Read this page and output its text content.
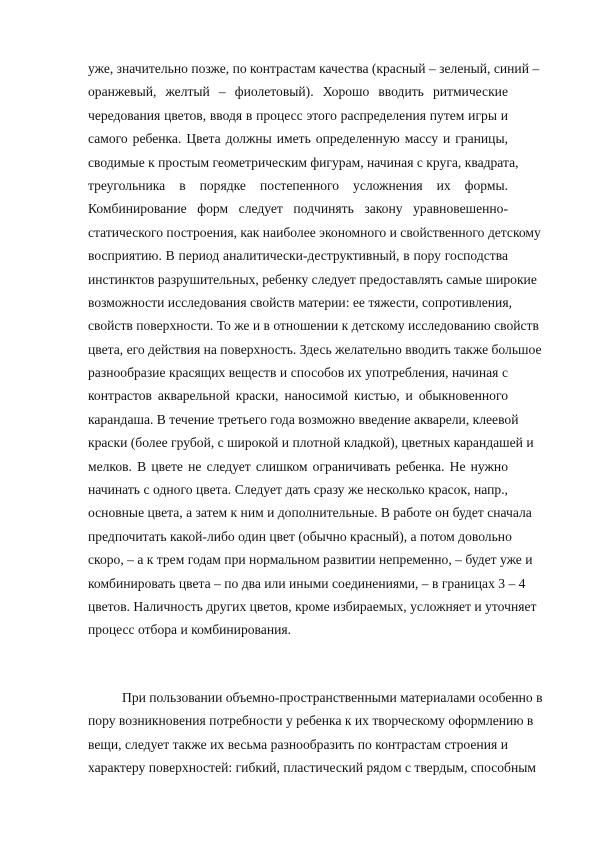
уже, значительно позже, по контрастам качества (красный – зеленый, синий –
оранжевый, желтый – фиолетовый). Хорошо вводить ритмические
чередования цветов, вводя в процесс этого распределения путем игры и
самого ребенка. Цвета должны иметь определенную массу и границы,
сводимые к простым геометрическим фигурам, начиная с круга, квадрата,
треугольника в порядке постепенного усложнения их формы.
Комбинирование форм следует подчинять закону уравновешенно-
статического построения, как наиболее экономного и свойственного детскому
восприятию. В период аналитически-деструктивный, в пору господства
инстинктов разрушительных, ребенку следует предоставлять самые широкие
возможности исследования свойств материи: ее тяжести, сопротивления,
свойств поверхности. То же и в отношении к детскому исследованию свойств
цвета, его действия на поверхность. Здесь желательно вводить также большое
разнообразие красящих веществ и способов их употребления, начиная с
контрастов акварельной краски, наносимой кистью, и обыкновенного
карандаша. В течение третьего года возможно введение акварели, клеевой
краски (более грубой, с широкой и плотной кладкой), цветных карандашей и
мелков. В цвете не следует слишком ограничивать ребенка. Не нужно
начинать с одного цвета. Следует дать сразу же несколько красок, напр.,
основные цвета, а затем к ним и дополнительные. В работе он будет сначала
предпочитать какой-либо один цвет (обычно красный), а потом довольно
скоро, – а к трем годам при нормальном развитии непременно, – будет уже и
комбинировать цвета – по два или иными соединениями, – в границах 3 – 4
цветов. Наличность других цветов, кроме избираемых, усложняет и уточняет
процесс отбора и комбинирования.
При пользовании объемно-пространственными материалами особенно в
пору возникновения потребности у ребенка к их творческому оформлению в
вещи, следует также их весьма разнообразить по контрастам строения и
характеру поверхностей: гибкий, пластический рядом с твердым, способным
